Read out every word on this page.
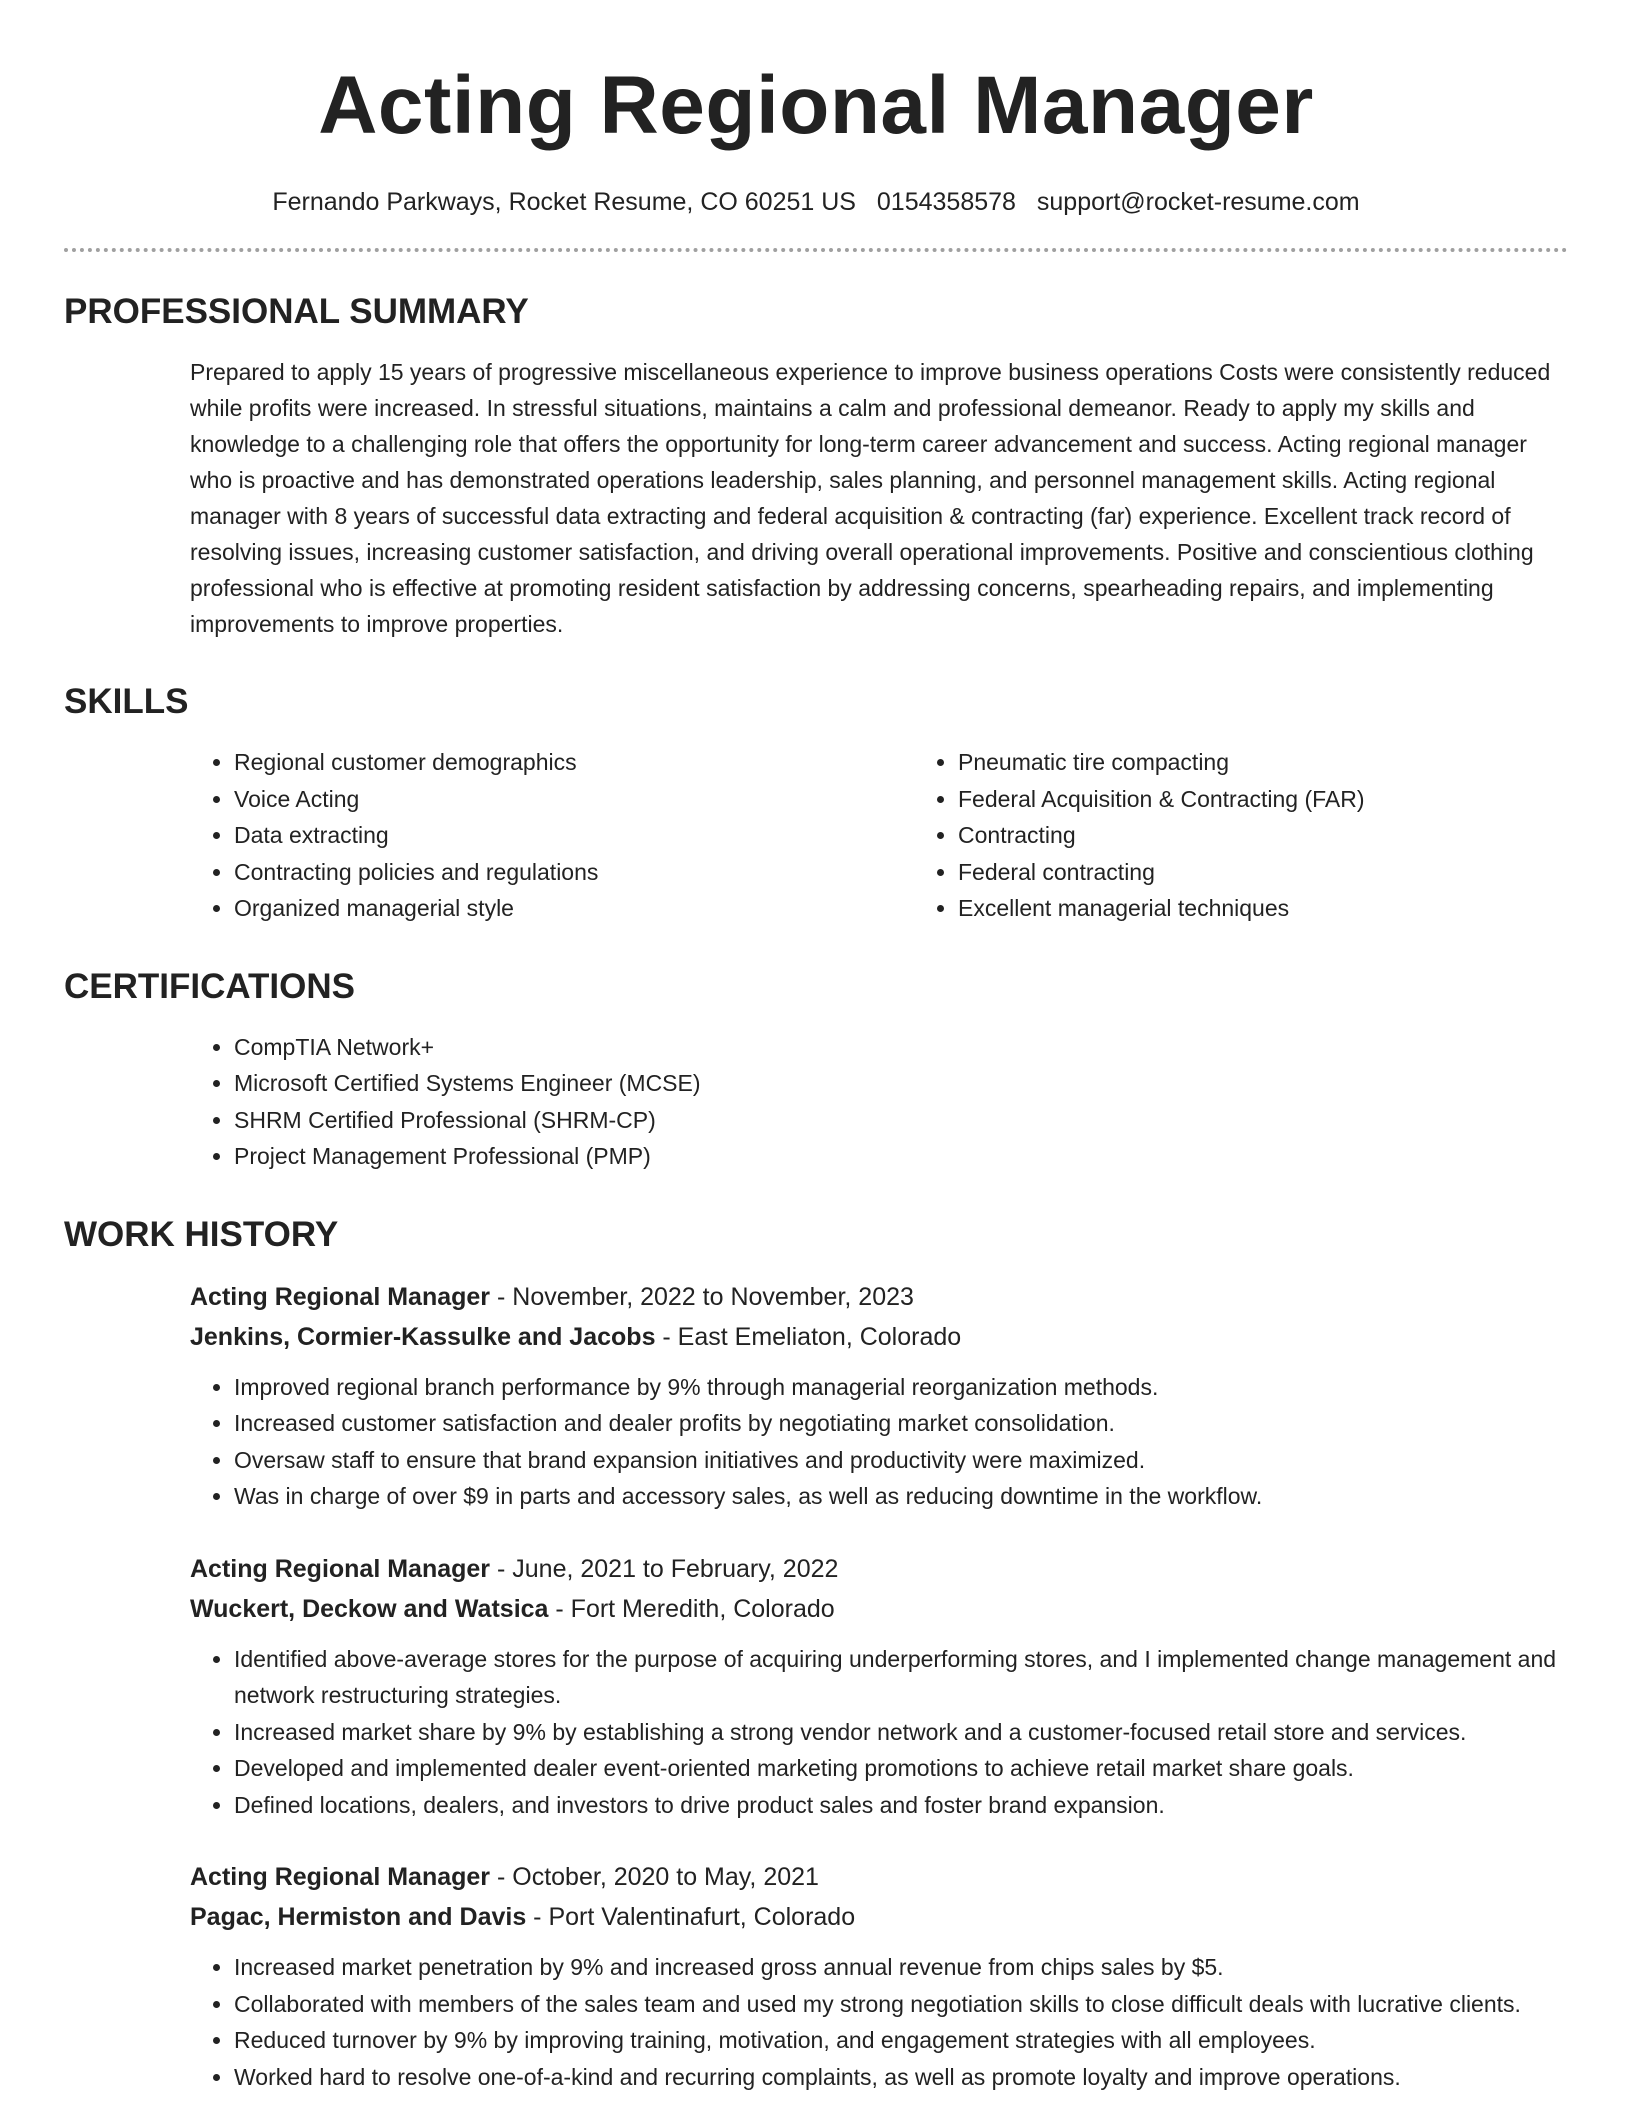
Acting Regional Manager
Fernando Parkways, Rocket Resume, CO 60251 US 0154358578 support@rocket-resume.com
PROFESSIONAL SUMMARY

Prepared to apply 15 years of progressive miscellaneous experience to improve business operations Costs were consistently reduced while profits were increased. In stressful situations, maintains a calm and professional demeanor. Ready to apply my skills and knowledge to a challenging role that offers the opportunity for long-term career advancement and success. Acting regional manager who is proactive and has demonstrated operations leadership, sales planning, and personnel management skills. Acting regional manager with 8 years of successful data extracting and federal acquisition & contracting (far) experience. Excellent track record of resolving issues, increasing customer satisfaction, and driving overall operational improvements. Positive and conscientious clothing professional who is effective at promoting resident satisfaction by addressing concerns, spearheading repairs, and implementing improvements to improve properties.

SKILLS
• Regional customer demographics
• Voice Acting
• Data extracting
• Contracting policies and regulations
• Organized managerial style
• Pneumatic tire compacting
• Federal Acquisition & Contracting (FAR)
• Contracting
• Federal contracting
• Excellent managerial techniques
CERTIFICATIONS
• CompTIA Network+
• Microsoft Certified Systems Engineer (MCSE)
• SHRM Certified Professional (SHRM-CP)
• Project Management Professional (PMP)
WORK HISTORY
Acting Regional Manager - November, 2022 to November, 2023
Jenkins, Cormier-Kassulke and Jacobs - East Emeliaton, Colorado
• Improved regional branch performance by 9% through managerial reorganization methods.
• Increased customer satisfaction and dealer profits by negotiating market consolidation.
• Oversaw staff to ensure that brand expansion initiatives and productivity were maximized.
• Was in charge of over $9 in parts and accessory sales, as well as reducing downtime in the workflow.
Acting Regional Manager - June, 2021 to February, 2022
Wuckert, Deckow and Watsica - Fort Meredith, Colorado
• Identified above-average stores for the purpose of acquiring underperforming stores, and I implemented change management and network restructuring strategies.
• Increased market share by 9% by establishing a strong vendor network and a customer-focused retail store and services.
• Developed and implemented dealer event-oriented marketing promotions to achieve retail market share goals.
• Defined locations, dealers, and investors to drive product sales and foster brand expansion.
Acting Regional Manager - October, 2020 to May, 2021
Pagac, Hermiston and Davis - Port Valentinafurt, Colorado
• Increased market penetration by 9% and increased gross annual revenue from chips sales by $5.
• Collaborated with members of the sales team and used my strong negotiation skills to close difficult deals with lucrative clients.
• Reduced turnover by 9% by improving training, motivation, and engagement strategies with all employees.
• Worked hard to resolve one-of-a-kind and recurring complaints, as well as promote loyalty and improve operations.
